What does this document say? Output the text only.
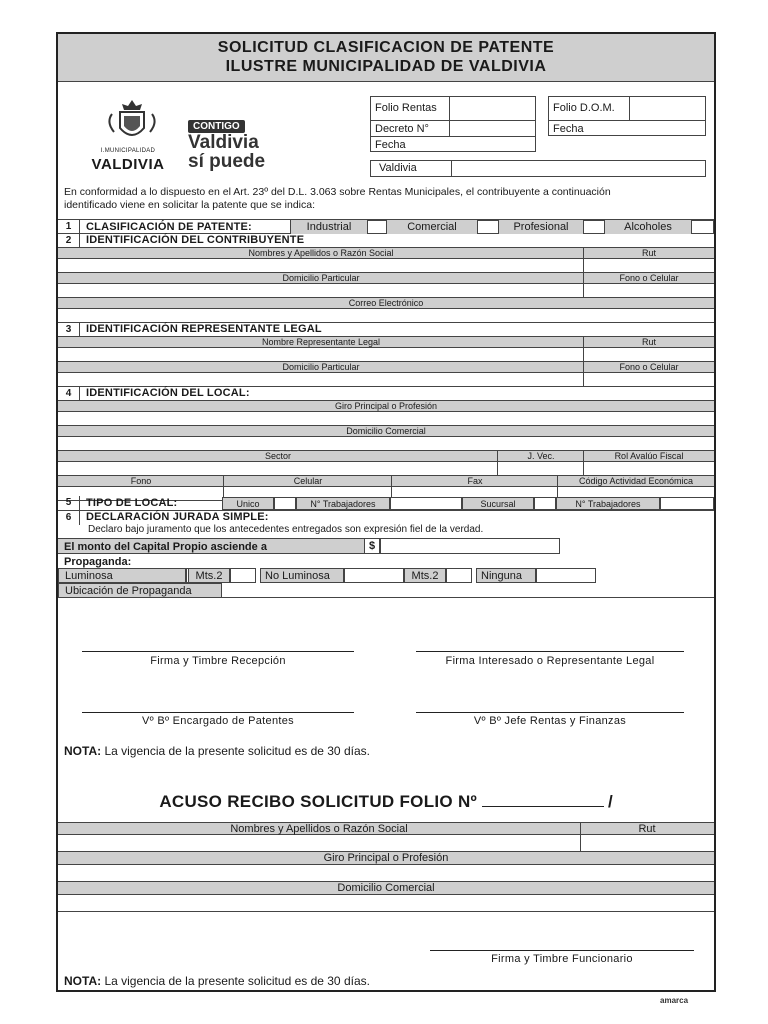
SOLICITUD CLASIFICACION DE PATENTE
ILUSTRE MUNICIPALIDAD DE VALDIVIA
I.MUNICIPALIDAD
VALDIVIA
CONTIGO
Valdivia
sí puede
Folio Rentas
Decreto N°
Fecha
Folio D.O.M.
Fecha
Valdivia
En conformidad a lo dispuesto en el Art. 23º del D.L. 3.063 sobre Rentas Municipales, el contribuyente a continuación
identificado viene en solicitar la patente que se indica:
1	CLASIFICACIÓN DE PATENTE:	Industrial	Comercial	Profesional	Alcoholes
2	IDENTIFICACIÓN DEL CONTRIBUYENTE
Nombres y Apellidos o Razón Social	Rut
Domicilio Particular	Fono o Celular
Correo Electrónico
3	IDENTIFICACIÓN REPRESENTANTE LEGAL
Nombre Representante Legal	Rut
Domicilio Particular	Fono o Celular
4	IDENTIFICACIÓN DEL LOCAL:
Giro Principal o Profesión
Domicilio Comercial
Sector	J. Vec.	Rol Avalúo Fiscal
Fono	Celular	Fax	Código Actividad Económica
5	TIPO DE LOCAL:	Unico	N° Trabajadores	Sucursal	N° Trabajadores
6	DECLARACIÓN JURADA SIMPLE:
Declaro bajo juramento que los antecedentes entregados son expresión fiel de la verdad.
El monto del Capital Propio asciende a	$
Propaganda:
Luminosa	Mts.2	No Luminosa	Mts.2	Ninguna
Ubicación de Propaganda
Firma y Timbre Recepción	Firma Interesado o Representante Legal
Vº Bº Encargado de Patentes	Vº Bº Jefe Rentas y Finanzas
NOTA: La vigencia de la presente solicitud es de 30 días.
ACUSO RECIBO SOLICITUD FOLIO Nº	/
Nombres y Apellidos o Razón Social	Rut
Giro Principal o Profesión
Domicilio Comercial
Firma y Timbre Funcionario
NOTA: La vigencia de la presente solicitud es de 30 días.
amarca
